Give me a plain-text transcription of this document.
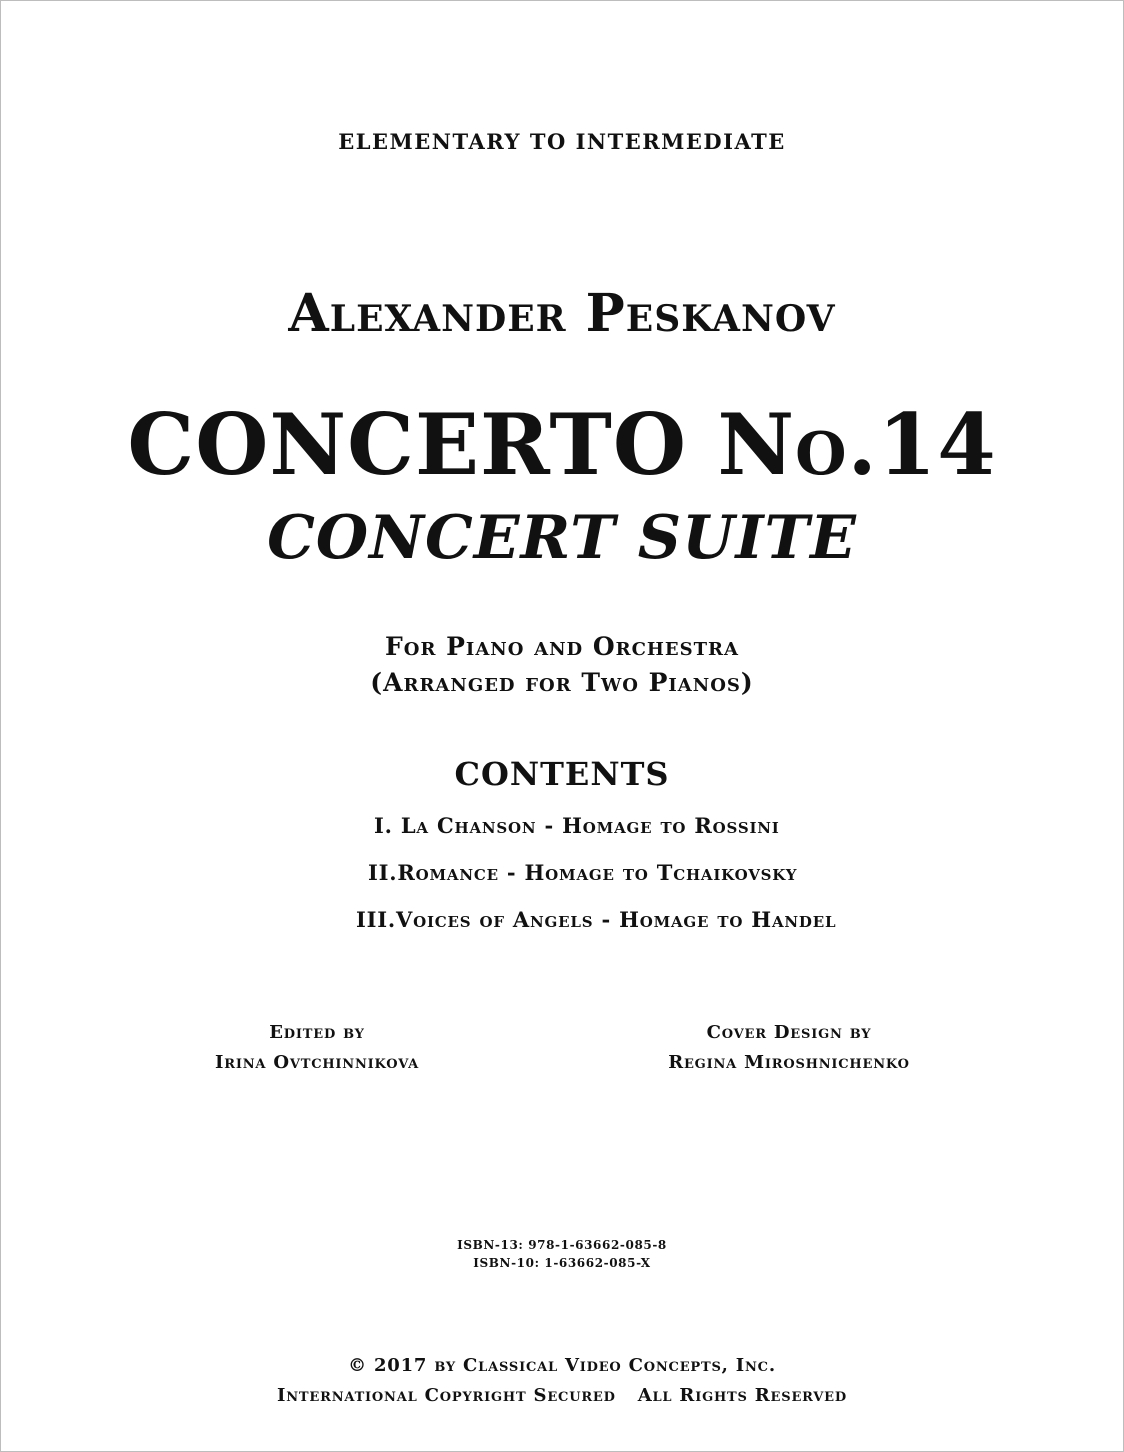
ELEMENTARY TO INTERMEDIATE
Alexander Peskanov
CONCERTO No.14
CONCERT SUITE
For Piano and Orchestra
(Arranged for Two Pianos)
CONTENTS
I. La Chanson - Homage to Rossini
II.Romance - Homage to Tchaikovsky
III.Voices of Angels - Homage to Handel
Edited by
Irina Ovtchinnikova
Cover Design by
Regina Miroshnichenko
ISBN-13: 978-1-63662-085-8
ISBN-10: 1-63662-085-X
© 2017 by Classical Video Concepts, Inc.
International Copyright Secured All Rights Reserved
